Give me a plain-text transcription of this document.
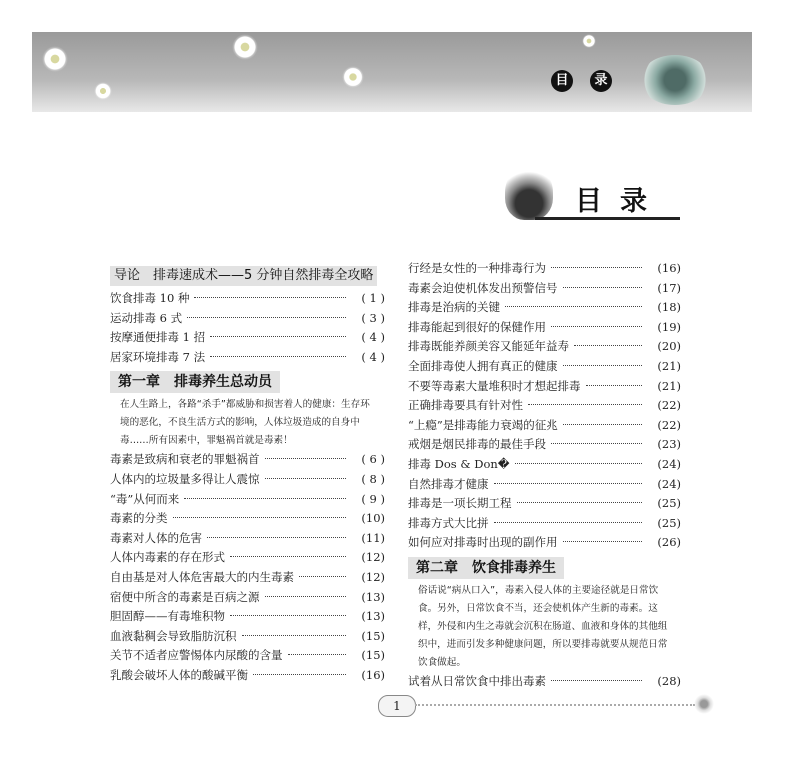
目	录
目录
导论　排毒速成术——5 分钟自然排毒全攻略
饮食排毒 10 种	( 1 )
运动排毒 6 式	( 3 )
按摩通便排毒 1 招	( 4 )
居家环境排毒 7 法	( 4 )
第一章　排毒养生总动员
在人生路上，各路“杀手”都威胁和损害着人的健康：生存环境的恶化，不良生活方式的影响，人体垃圾造成的自身中毒……所有因素中，罪魁祸首就是毒素！
毒素是致病和衰老的罪魁祸首	( 6 )
人体内的垃圾量多得让人震惊	( 8 )
“毒”从何而来	( 9 )
毒素的分类	(10)
毒素对人体的危害	(11)
人体内毒素的存在形式	(12)
自由基是对人体危害最大的内生毒素	(12)
宿便中所含的毒素是百病之源	(13)
胆固醇——有毒堆积物	(13)
血液黏稠会导致脂肪沉积	(15)
关节不适者应警惕体内尿酸的含量	(15)
乳酸会破坏人体的酸碱平衡	(16)
行经是女性的一种排毒行为	(16)
毒素会迫使机体发出预警信号	(17)
排毒是治病的关键	(18)
排毒能起到很好的保健作用	(19)
排毒既能养颜美容又能延年益寿	(20)
全面排毒使人拥有真正的健康	(21)
不要等毒素大量堆积时才想起排毒	(21)
正确排毒要具有针对性	(22)
“上瘾”是排毒能力衰竭的征兆	(22)
戒烟是烟民排毒的最佳手段	(23)
排毒 Dos & Don�	(24)
自然排毒才健康	(24)
排毒是一项长期工程	(25)
排毒方式大比拼	(25)
如何应对排毒时出现的副作用	(26)
第二章　饮食排毒养生
俗话说“病从口入”，毒素入侵人体的主要途径就是日常饮食。另外，日常饮食不当，还会使机体产生新的毒素。这样，外侵和内生之毒就会沉积在肠道、血液和身体的其他组织中，进而引发多种健康问题，所以要排毒就要从规范日常饮食做起。
试着从日常饮食中排出毒素	(28)
1
